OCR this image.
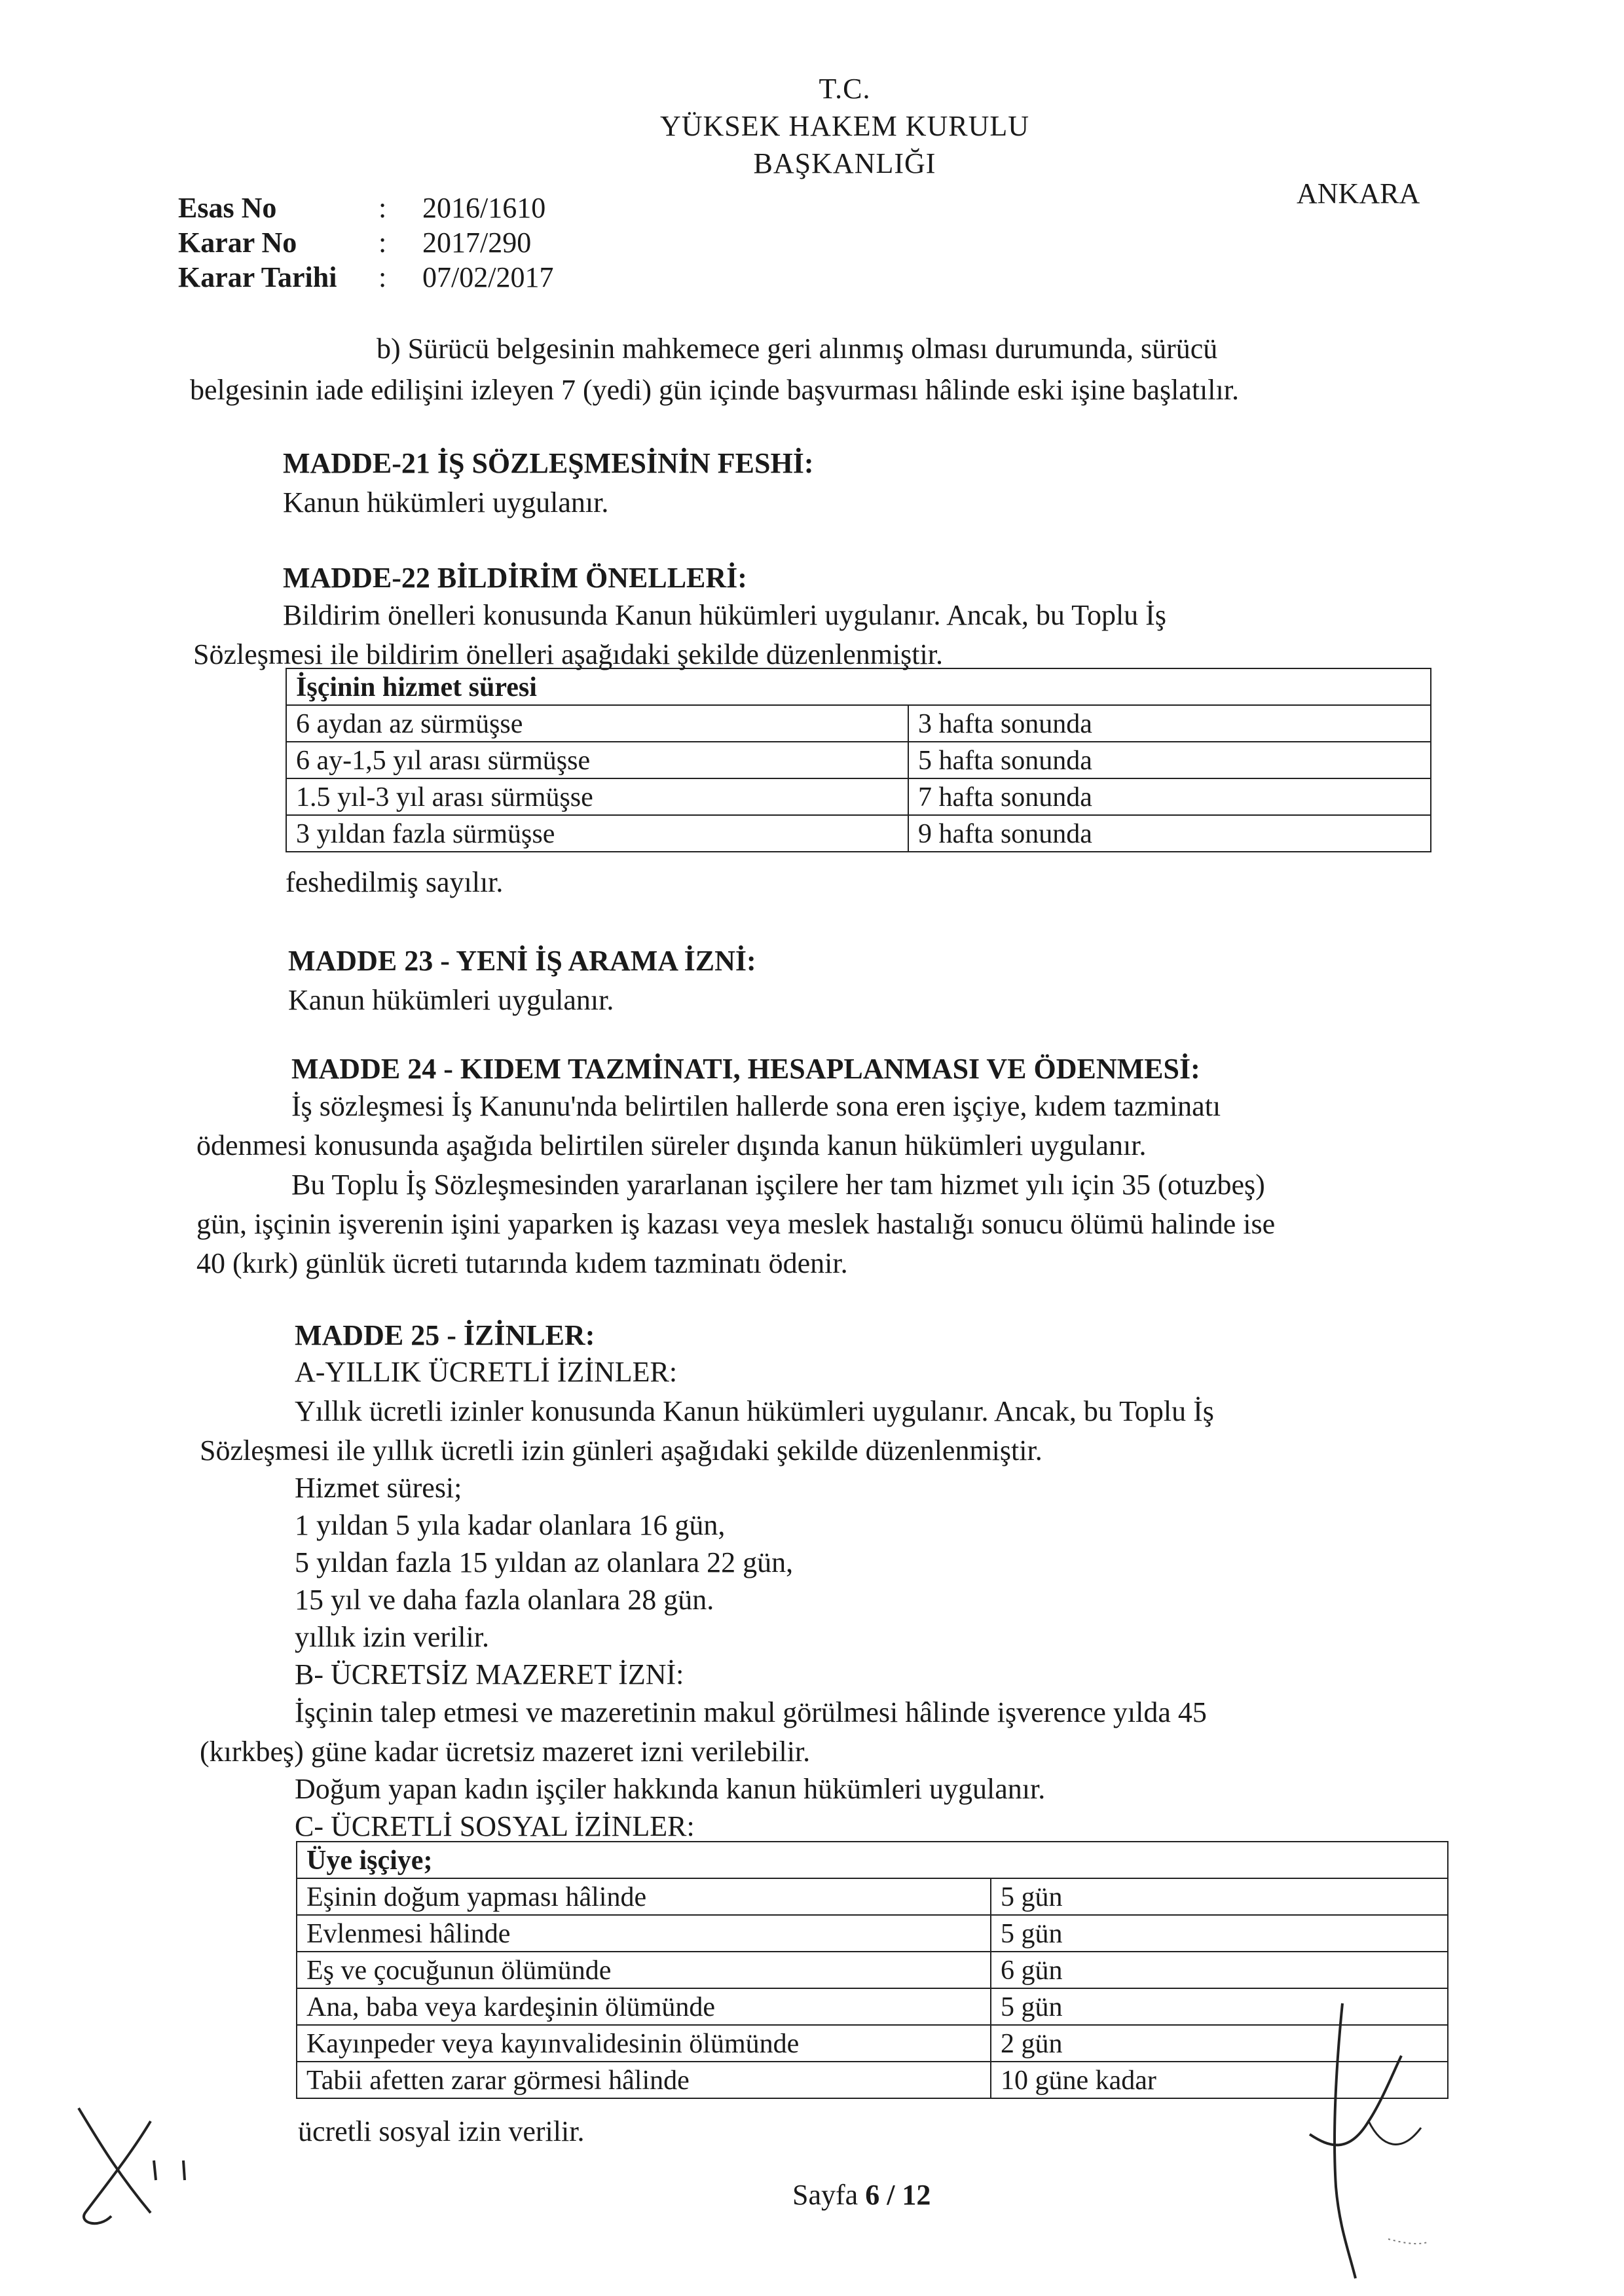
T.C.
YÜKSEK HAKEM KURULU
BAŞKANLIĞI
ANKARA
Esas No	: 2016/1610
Karar No	: 2017/290
Karar Tarihi : 07/02/2017
b) Sürücü belgesinin mahkemece geri alınmış olması durumunda, sürücü
belgesinin iade edilişini izleyen 7 (yedi) gün içinde başvurması hâlinde eski işine başlatılır.
MADDE-21 İŞ SÖZLEŞMESİNİN FESHİ:
Kanun hükümleri uygulanır.
MADDE-22 BİLDİRİM ÖNELLERİ:
Bildirim önelleri konusunda Kanun hükümleri uygulanır. Ancak, bu Toplu İş
Sözleşmesi ile bildirim önelleri aşağıdaki şekilde düzenlenmiştir.
İşçinin hizmet süresi	
6 aydan az sürmüşse	3 hafta sonunda
6 ay-1,5 yıl arası sürmüşse	5 hafta sonunda
1.5 yıl-3 yıl arası sürmüşse	7 hafta sonunda
3 yıldan fazla sürmüşse	9 hafta sonunda
feshedilmiş sayılır.
MADDE 23 - YENİ İŞ ARAMA İZNİ:
Kanun hükümleri uygulanır.
MADDE 24 - KIDEM TAZMİNATI, HESAPLANMASI VE ÖDENMESİ:
İş sözleşmesi İş Kanunu'nda belirtilen hallerde sona eren işçiye, kıdem tazminatı
ödenmesi konusunda aşağıda belirtilen süreler dışında kanun hükümleri uygulanır.
Bu Toplu İş Sözleşmesinden yararlanan işçilere her tam hizmet yılı için 35 (otuzbeş)
gün, işçinin işverenin işini yaparken iş kazası veya meslek hastalığı sonucu ölümü halinde ise
40 (kırk) günlük ücreti tutarında kıdem tazminatı ödenir.
MADDE 25 - İZİNLER:
A-YILLIK ÜCRETLİ İZİNLER:
Yıllık ücretli izinler konusunda Kanun hükümleri uygulanır. Ancak, bu Toplu İş
Sözleşmesi ile yıllık ücretli izin günleri aşağıdaki şekilde düzenlenmiştir.
Hizmet süresi;
1 yıldan 5 yıla kadar olanlara 16 gün,
5 yıldan fazla 15 yıldan az olanlara 22 gün,
15 yıl ve daha fazla olanlara 28 gün.
yıllık izin verilir.
B- ÜCRETSİZ MAZERET İZNİ:
İşçinin talep etmesi ve mazeretinin makul görülmesi hâlinde işverence yılda 45
(kırkbeş) güne kadar ücretsiz mazeret izni verilebilir.
Doğum yapan kadın işçiler hakkında kanun hükümleri uygulanır.
C- ÜCRETLİ SOSYAL İZİNLER:
Üye işçiye;	
Eşinin doğum yapması hâlinde	5 gün
Evlenmesi hâlinde	5 gün
Eş ve çocuğunun ölümünde	6 gün
Ana, baba veya kardeşinin ölümünde	5 gün
Kayınpeder veya kayınvalidesinin ölümünde	2 gün
Tabii afetten zarar görmesi hâlinde	10 güne kadar
ücretli sosyal izin verilir.
Sayfa 6 / 12
